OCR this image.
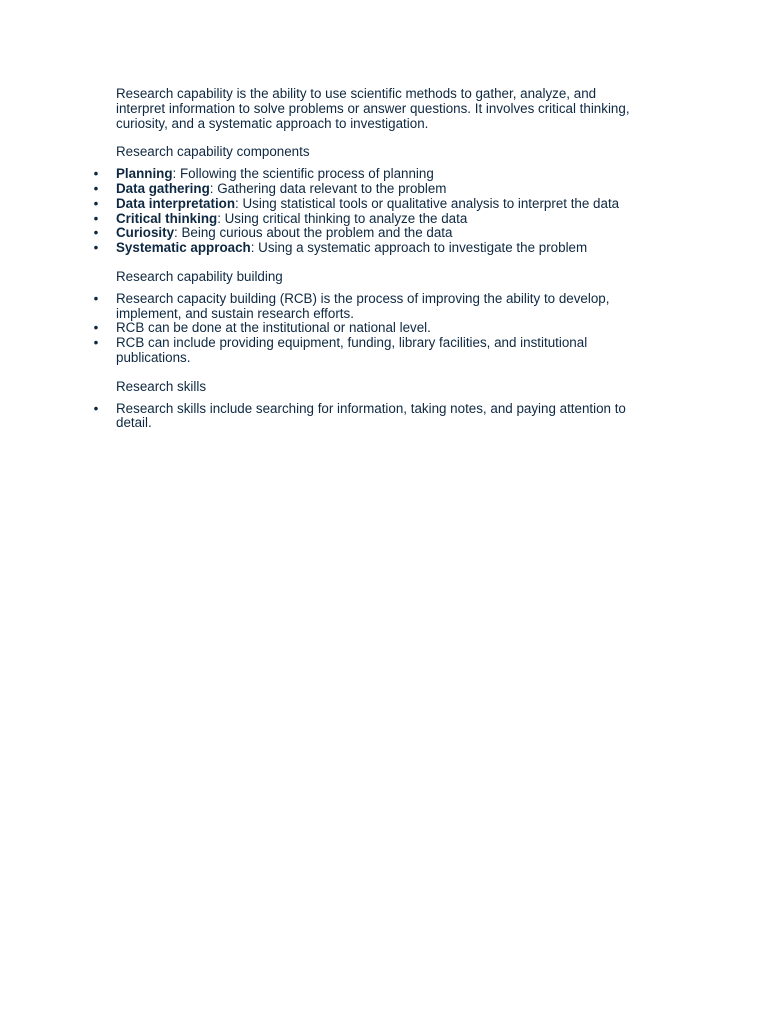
Research capability is the ability to use scientific methods to gather, analyze, and interpret information to solve problems or answer questions. It involves critical thinking, curiosity, and a systematic approach to investigation.

Research capability components

• Planning: Following the scientific process of planning
• Data gathering: Gathering data relevant to the problem
• Data interpretation: Using statistical tools or qualitative analysis to interpret the data
• Critical thinking: Using critical thinking to analyze the data
• Curiosity: Being curious about the problem and the data
• Systematic approach: Using a systematic approach to investigate the problem

Research capability building

• Research capacity building (RCB) is the process of improving the ability to develop, implement, and sustain research efforts.
• RCB can be done at the institutional or national level.
• RCB can include providing equipment, funding, library facilities, and institutional publications.

Research skills

• Research skills include searching for information, taking notes, and paying attention to detail.
